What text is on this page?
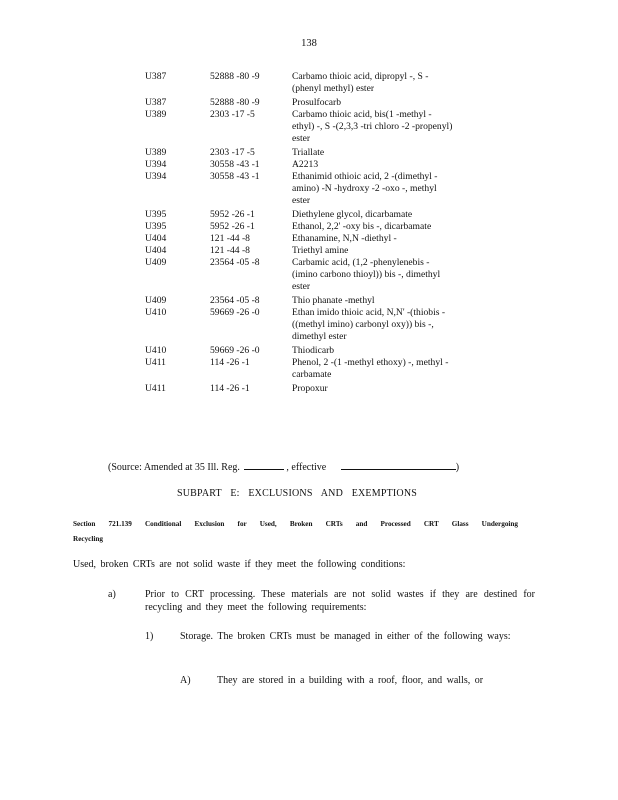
138
U387	52888 -80 -9	Carbamo thioic acid, dipropyl -, S -
(phenyl methyl) ester
U387	52888 -80 -9	Prosulfocarb
U389	2303 -17 -5	Carbamo thioic acid, bis(1 -methyl -
ethyl) -, S -(2,3,3 -tri chloro -2 -propenyl)
ester
U389	2303 -17 -5	Triallate
U394	30558 -43 -1	A2213
U394	30558 -43 -1	Ethanimid othioic acid, 2 -(dimethyl -
amino) -N -hydroxy -2 -oxo -, methyl
ester
U395	5952 -26 -1	Diethylene glycol, dicarbamate
U395	5952 -26 -1	Ethanol, 2,2' -oxy bis -, dicarbamate
U404	121 -44 -8	Ethanamine, N,N -diethyl -
U404	121 -44 -8	Triethyl amine
U409	23564 -05 -8	Carbamic acid, (1,2 -phenylenebis -
(imino carbono thioyl)) bis -, dimethyl
ester
U409	23564 -05 -8	Thio phanate -methyl
U410	59669 -26 -0	Ethan imido thioic acid, N,N' -(thiobis -
((methyl imino) carbonyl oxy)) bis -,
dimethyl ester
U410	59669 -26 -0	Thiodicarb
U411	114 -26 -1	Phenol, 2 -(1 -methyl ethoxy) -, methyl -
carbamate
U411	114 -26 -1	Propoxur
(Source: Amended at 35 Ill. Reg.	, effective	)
SUBPART E: EXCLUSIONS AND EXEMPTIONS
Section 721.139 Conditional Exclusion for Used, Broken CRTs and Processed CRT Glass Undergoing Recycling
Used, broken CRTs are not solid waste if they meet the following conditions:
a)	Prior to CRT processing. These materials are not solid wastes if they are destined for recycling and they meet the following requirements:
1)	Storage. The broken CRTs must be managed in either of the following ways:
A)	They are stored in a building with a roof, floor, and walls, or
